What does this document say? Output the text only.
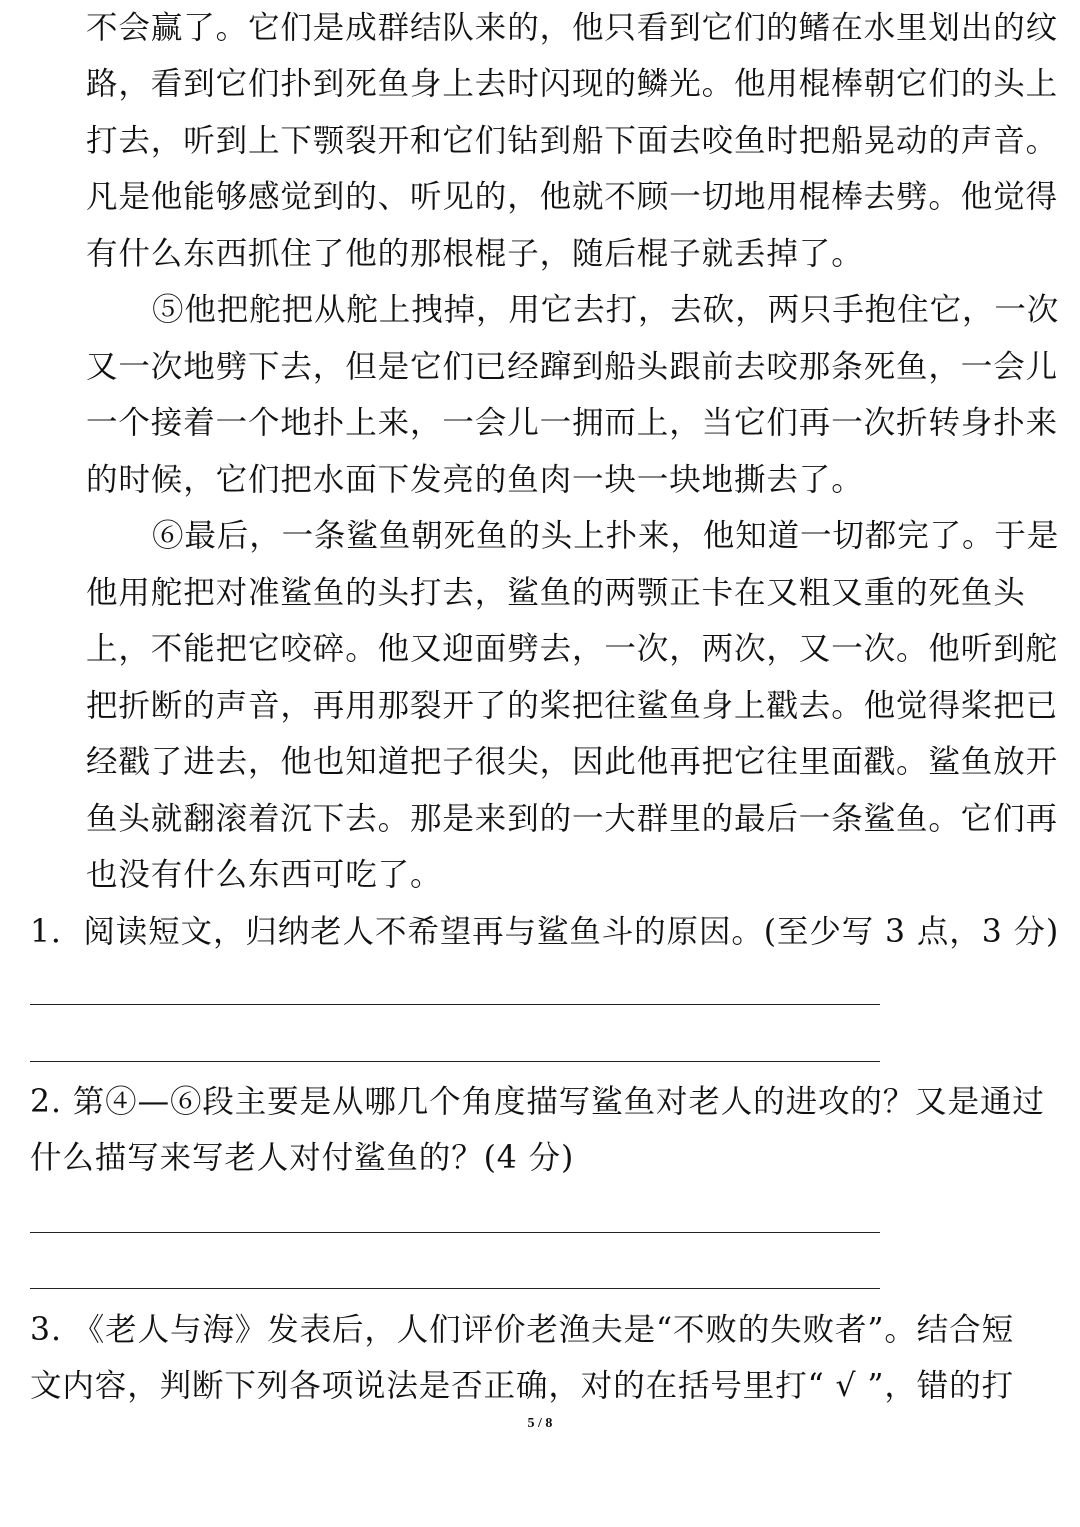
不会赢了。它们是成群结队来的，他只看到它们的鳍在水里划出的纹
路，看到它们扑到死鱼身上去时闪现的鳞光。他用棍棒朝它们的头上
打去，听到上下颚裂开和它们钻到船下面去咬鱼时把船晃动的声音。
凡是他能够感觉到的、听见的，他就不顾一切地用棍棒去劈。他觉得
有什么东西抓住了他的那根棍子，随后棍子就丢掉了。
⑤他把舵把从舵上拽掉，用它去打，去砍，两只手抱住它，一次
又一次地劈下去，但是它们已经蹿到船头跟前去咬那条死鱼，一会儿
一个接着一个地扑上来，一会儿一拥而上，当它们再一次折转身扑来
的时候，它们把水面下发亮的鱼肉一块一块地撕去了。
⑥最后，一条鲨鱼朝死鱼的头上扑来，他知道一切都完了。于是
他用舵把对准鲨鱼的头打去，鲨鱼的两颚正卡在又粗又重的死鱼头
上，不能把它咬碎。他又迎面劈去，一次，两次，又一次。他听到舵
把折断的声音，再用那裂开了的桨把往鲨鱼身上戳去。他觉得桨把已
经戳了进去，他也知道把子很尖，因此他再把它往里面戳。鲨鱼放开
鱼头就翻滚着沉下去。那是来到的一大群里的最后一条鲨鱼。它们再
也没有什么东西可吃了。
1．阅读短文，归纳老人不希望再与鲨鱼斗的原因。(至少写 3 点，3 分)
2. 第④—⑥段主要是从哪几个角度描写鲨鱼对老人的进攻的？又是通过
什么描写来写老人对付鲨鱼的？(4 分)
3. 《老人与海》发表后，人们评价老渔夫是“不败的失败者”。结合短
文内容，判断下列各项说法是否正确，对的在括号里打“ √ ”，错的打
5 / 8
